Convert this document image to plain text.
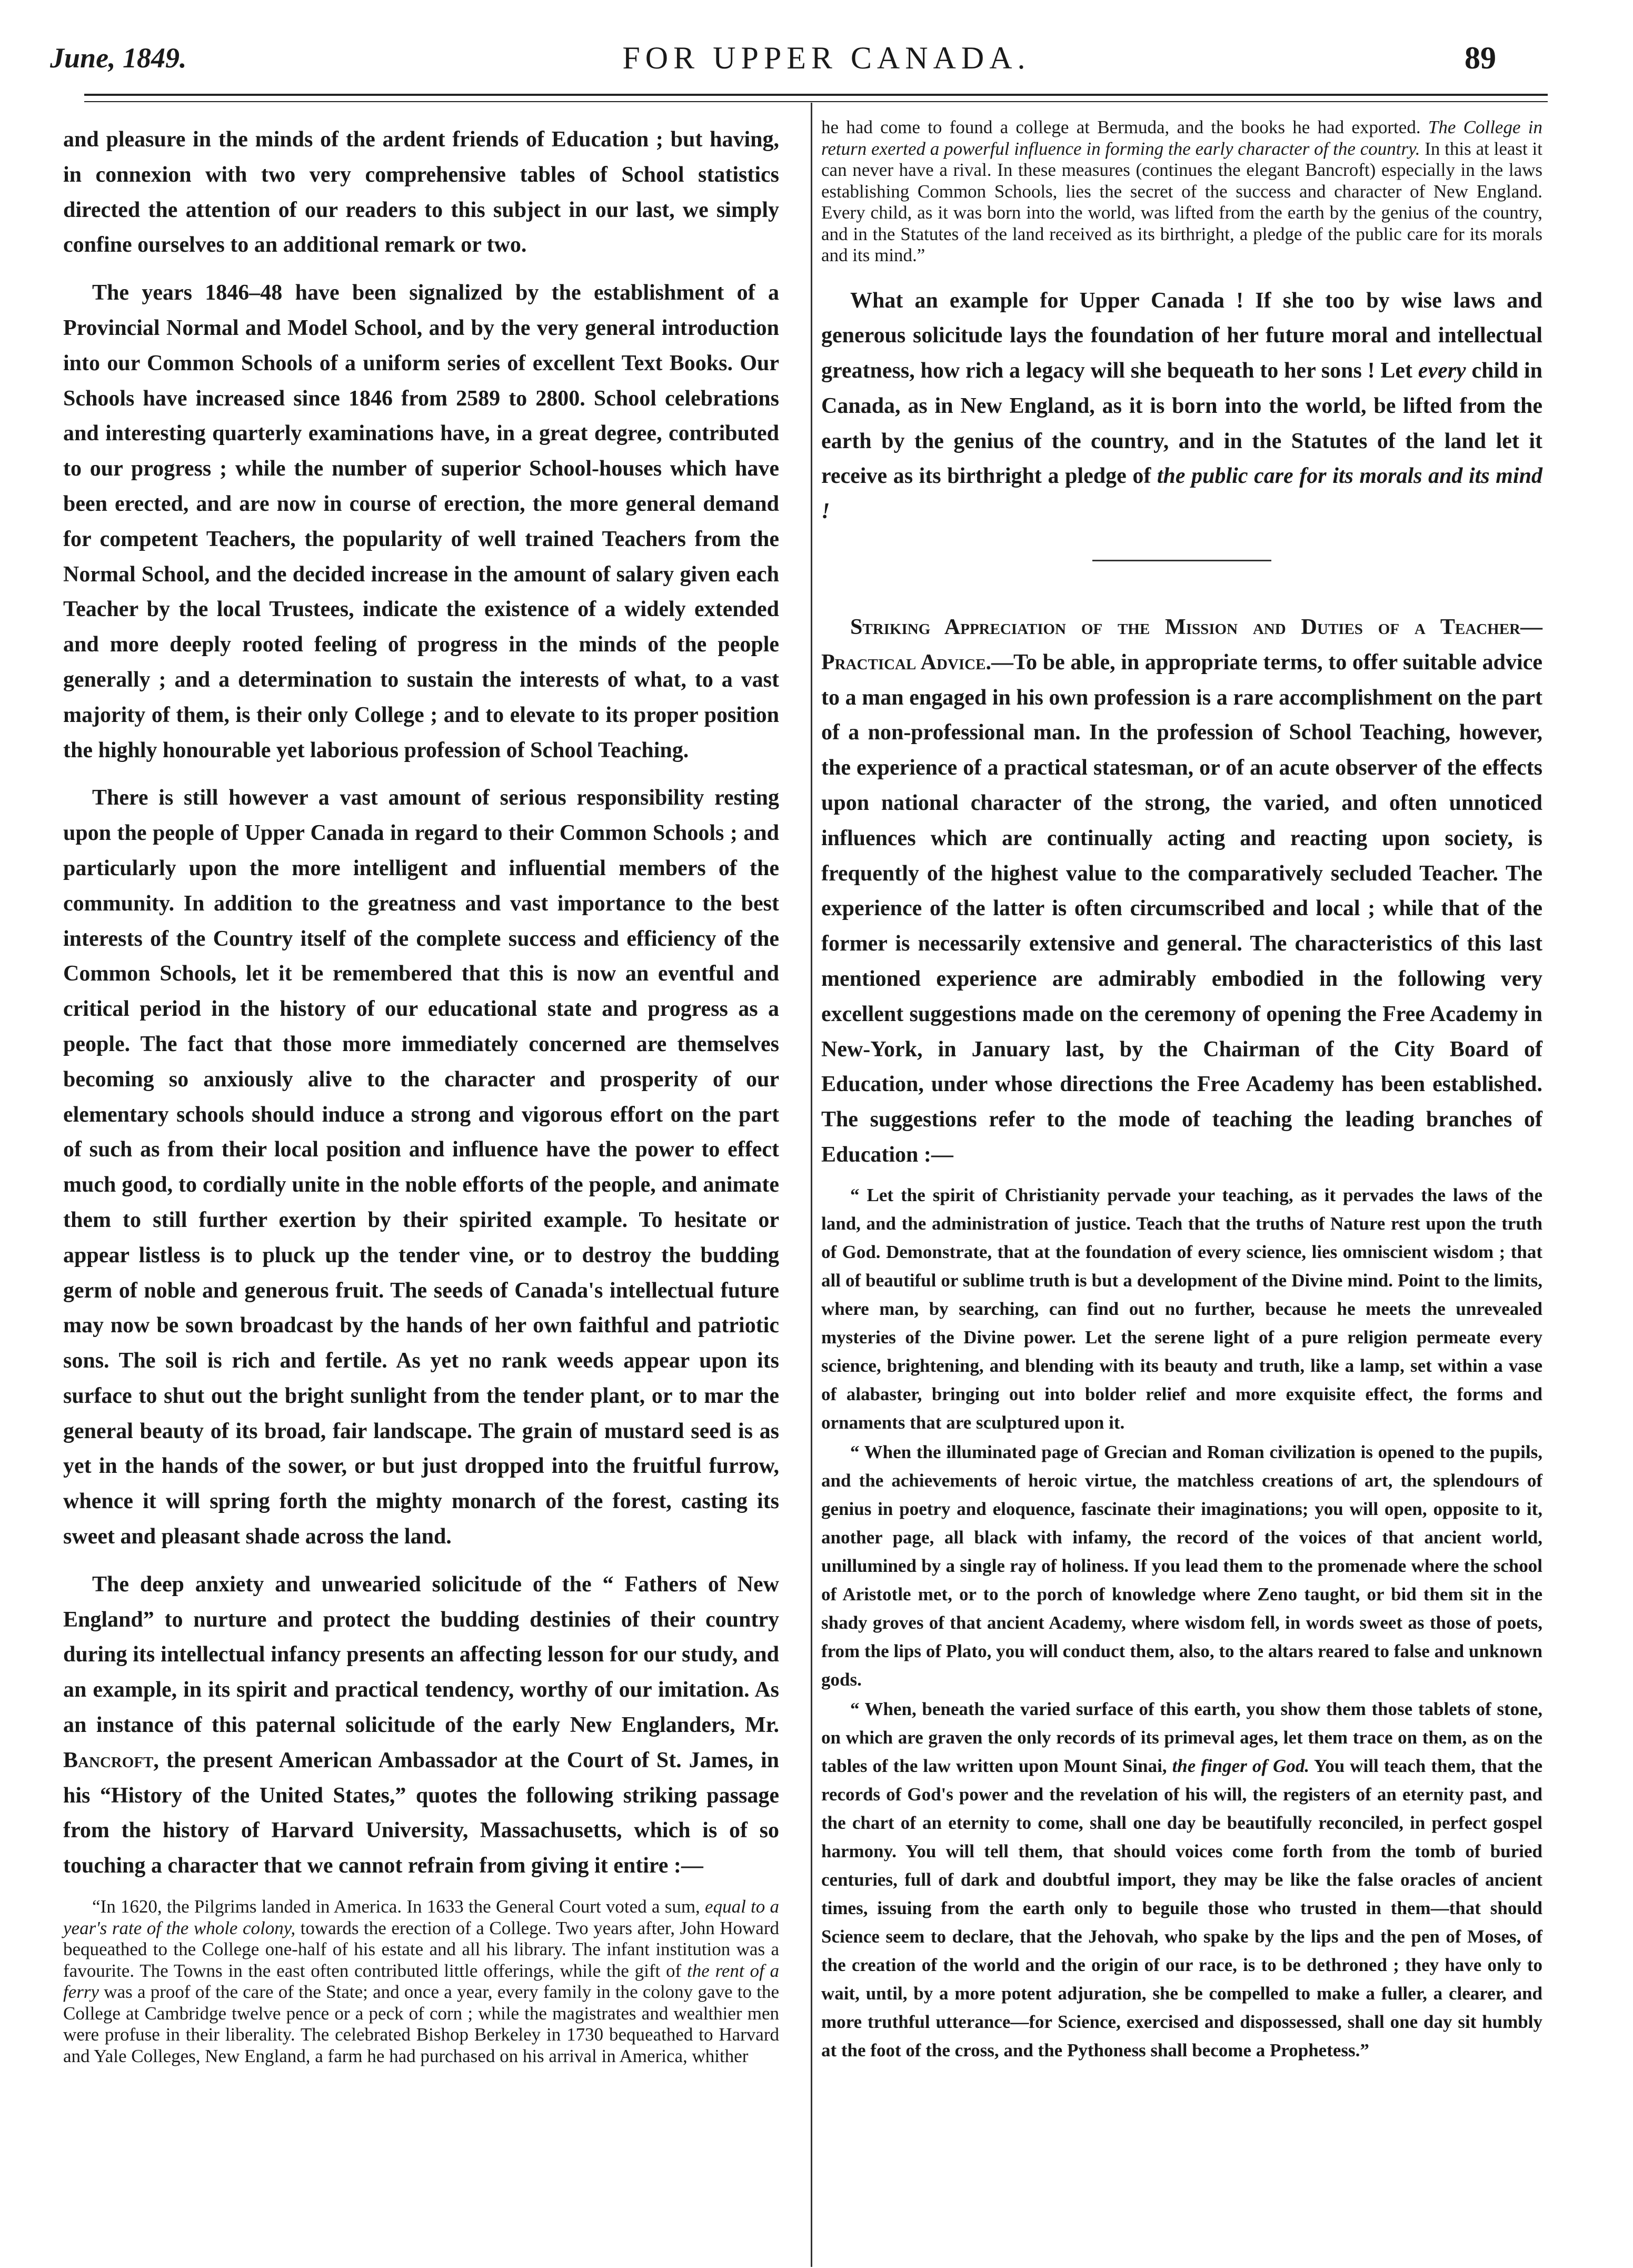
June, 1849.	FOR UPPER CANADA.	89

and pleasure in the minds of the ardent friends of Education ; but having, in connexion with two very comprehensive tables of School statistics directed the attention of our readers to this subject in our last, we simply confine ourselves to an additional remark or two.

The years 1846–48 have been signalized by the establishment of a Provincial Normal and Model School, and by the very general introduction into our Common Schools of a uniform series of excellent Text Books. Our Schools have increased since 1846 from 2589 to 2800. School celebrations and interesting quarterly examinations have, in a great degree, contributed to our progress ; while the number of superior School-houses which have been erected, and are now in course of erection, the more general demand for competent Teachers, the popularity of well trained Teachers from the Normal School, and the decided increase in the amount of salary given each Teacher by the local Trustees, indicate the existence of a widely extended and more deeply rooted feeling of progress in the minds of the people generally ; and a determination to sustain the interests of what, to a vast majority of them, is their only College ; and to elevate to its proper position the highly honourable yet laborious profession of School Teaching.

There is still however a vast amount of serious responsibility resting upon the people of Upper Canada in regard to their Common Schools ; and particularly upon the more intelligent and influential members of the community. In addition to the greatness and vast importance to the best interests of the Country itself of the complete success and efficiency of the Common Schools, let it be remembered that this is now an eventful and critical period in the history of our educational state and progress as a people. The fact that those more immediately concerned are themselves becoming so anxiously alive to the character and prosperity of our elementary schools should induce a strong and vigorous effort on the part of such as from their local position and influence have the power to effect much good, to cordially unite in the noble efforts of the people, and animate them to still further exertion by their spirited example. To hesitate or appear listless is to pluck up the tender vine, or to destroy the budding germ of noble and generous fruit. The seeds of Canada's intellectual future may now be sown broadcast by the hands of her own faithful and patriotic sons. The soil is rich and fertile. As yet no rank weeds appear upon its surface to shut out the bright sunlight from the tender plant, or to mar the general beauty of its broad, fair landscape. The grain of mustard seed is as yet in the hands of the sower, or but just dropped into the fruitful furrow, whence it will spring forth the mighty monarch of the forest, casting its sweet and pleasant shade across the land.

The deep anxiety and unwearied solicitude of the “ Fathers of New England” to nurture and protect the budding destinies of their country during its intellectual infancy presents an affecting lesson for our study, and an example, in its spirit and practical tendency, worthy of our imitation. As an instance of this paternal solicitude of the early New Englanders, Mr. Bancroft, the present American Ambassador at the Court of St. James, in his “History of the United States,” quotes the following striking passage from the history of Harvard University, Massachusetts, which is of so touching a character that we cannot refrain from giving it entire :—

“In 1620, the Pilgrims landed in America. In 1633 the General Court voted a sum, equal to a year's rate of the whole colony, towards the erection of a College. Two years after, John Howard bequeathed to the College one-half of his estate and all his library. The infant institution was a favourite. The Towns in the east often contributed little offerings, while the gift of the rent of a ferry was a proof of the care of the State; and once a year, every family in the colony gave to the College at Cambridge twelve pence or a peck of corn ; while the magistrates and wealthier men were profuse in their liberality. The celebrated Bishop Berkeley in 1730 bequeathed to Harvard and Yale Colleges, New England, a farm he had purchased on his arrival in America, whither

he had come to found a college at Bermuda, and the books he had exported. The College in return exerted a powerful influence in forming the early character of the country. In this at least it can never have a rival. In these measures (continues the elegant Bancroft) especially in the laws establishing Common Schools, lies the secret of the success and character of New England. Every child, as it was born into the world, was lifted from the earth by the genius of the country, and in the Statutes of the land received as its birthright, a pledge of the public care for its morals and its mind.”

What an example for Upper Canada ! If she too by wise laws and generous solicitude lays the foundation of her future moral and intellectual greatness, how rich a legacy will she bequeath to her sons ! Let every child in Canada, as in New England, as it is born into the world, be lifted from the earth by the genius of the country, and in the Statutes of the land let it receive as its birthright a pledge of the public care for its morals and its mind !

Striking Appreciation of the Mission and Duties of a Teacher—Practical Advice.—To be able, in appropriate terms, to offer suitable advice to a man engaged in his own profession is a rare accomplishment on the part of a non-professional man. In the profession of School Teaching, however, the experience of a practical statesman, or of an acute observer of the effects upon national character of the strong, the varied, and often unnoticed influences which are continually acting and reacting upon society, is frequently of the highest value to the comparatively secluded Teacher. The experience of the latter is often circumscribed and local ; while that of the former is necessarily extensive and general. The characteristics of this last mentioned experience are admirably embodied in the following very excellent suggestions made on the ceremony of opening the Free Academy in New-York, in January last, by the Chairman of the City Board of Education, under whose directions the Free Academy has been established. The suggestions refer to the mode of teaching the leading branches of Education :—

“ Let the spirit of Christianity pervade your teaching, as it pervades the laws of the land, and the administration of justice. Teach that the truths of Nature rest upon the truth of God. Demonstrate, that at the foundation of every science, lies omniscient wisdom ; that all of beautiful or sublime truth is but a development of the Divine mind. Point to the limits, where man, by searching, can find out no further, because he meets the unrevealed mysteries of the Divine power. Let the serene light of a pure religion permeate every science, brightening, and blending with its beauty and truth, like a lamp, set within a vase of alabaster, bringing out into bolder relief and more exquisite effect, the forms and ornaments that are sculptured upon it.

“ When the illuminated page of Grecian and Roman civilization is opened to the pupils, and the achievements of heroic virtue, the matchless creations of art, the splendours of genius in poetry and eloquence, fascinate their imaginations; you will open, opposite to it, another page, all black with infamy, the record of the voices of that ancient world, unillumined by a single ray of holiness. If you lead them to the promenade where the school of Aristotle met, or to the porch of knowledge where Zeno taught, or bid them sit in the shady groves of that ancient Academy, where wisdom fell, in words sweet as those of poets, from the lips of Plato, you will conduct them, also, to the altars reared to false and unknown gods.

“ When, beneath the varied surface of this earth, you show them those tablets of stone, on which are graven the only records of its primeval ages, let them trace on them, as on the tables of the law written upon Mount Sinai, the finger of God. You will teach them, that the records of God's power and the revelation of his will, the registers of an eternity past, and the chart of an eternity to come, shall one day be beautifully reconciled, in perfect gospel harmony. You will tell them, that should voices come forth from the tomb of buried centuries, full of dark and doubtful import, they may be like the false oracles of ancient times, issuing from the earth only to beguile those who trusted in them—that should Science seem to declare, that the Jehovah, who spake by the lips and the pen of Moses, of the creation of the world and the origin of our race, is to be dethroned ; they have only to wait, until, by a more potent adjuration, she be compelled to make a fuller, a clearer, and more truthful utterance—for Science, exercised and dispossessed, shall one day sit humbly at the foot of the cross, and the Pythoness shall become a Prophetess.”
